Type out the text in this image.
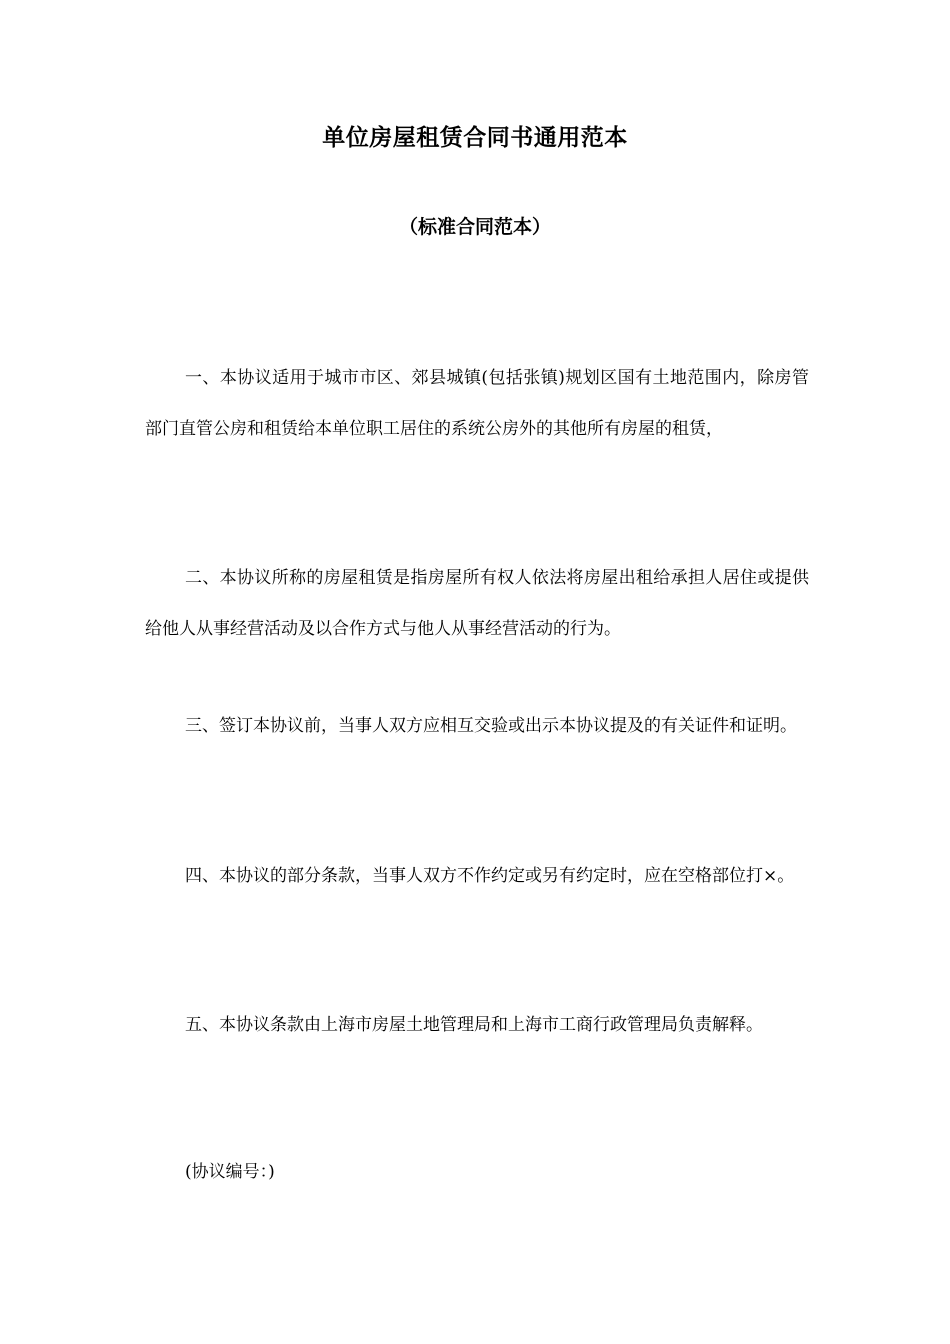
单位房屋租赁合同书通用范本
（标准合同范本）

一、本协议适用于城市市区、郊县城镇(包括张镇)规划区国有土地范围内，除房管部门直管公房和租赁给本单位职工居住的系统公房外的其他所有房屋的租赁，

二、本协议所称的房屋租赁是指房屋所有权人依法将房屋出租给承担人居住或提供给他人从事经营活动及以合作方式与他人从事经营活动的行为。

三、签订本协议前，当事人双方应相互交验或出示本协议提及的有关证件和证明。

四、本协议的部分条款，当事人双方不作约定或另有约定时，应在空格部位打×。

五、本协议条款由上海市房屋土地管理局和上海市工商行政管理局负责解释。

(协议编号：)
